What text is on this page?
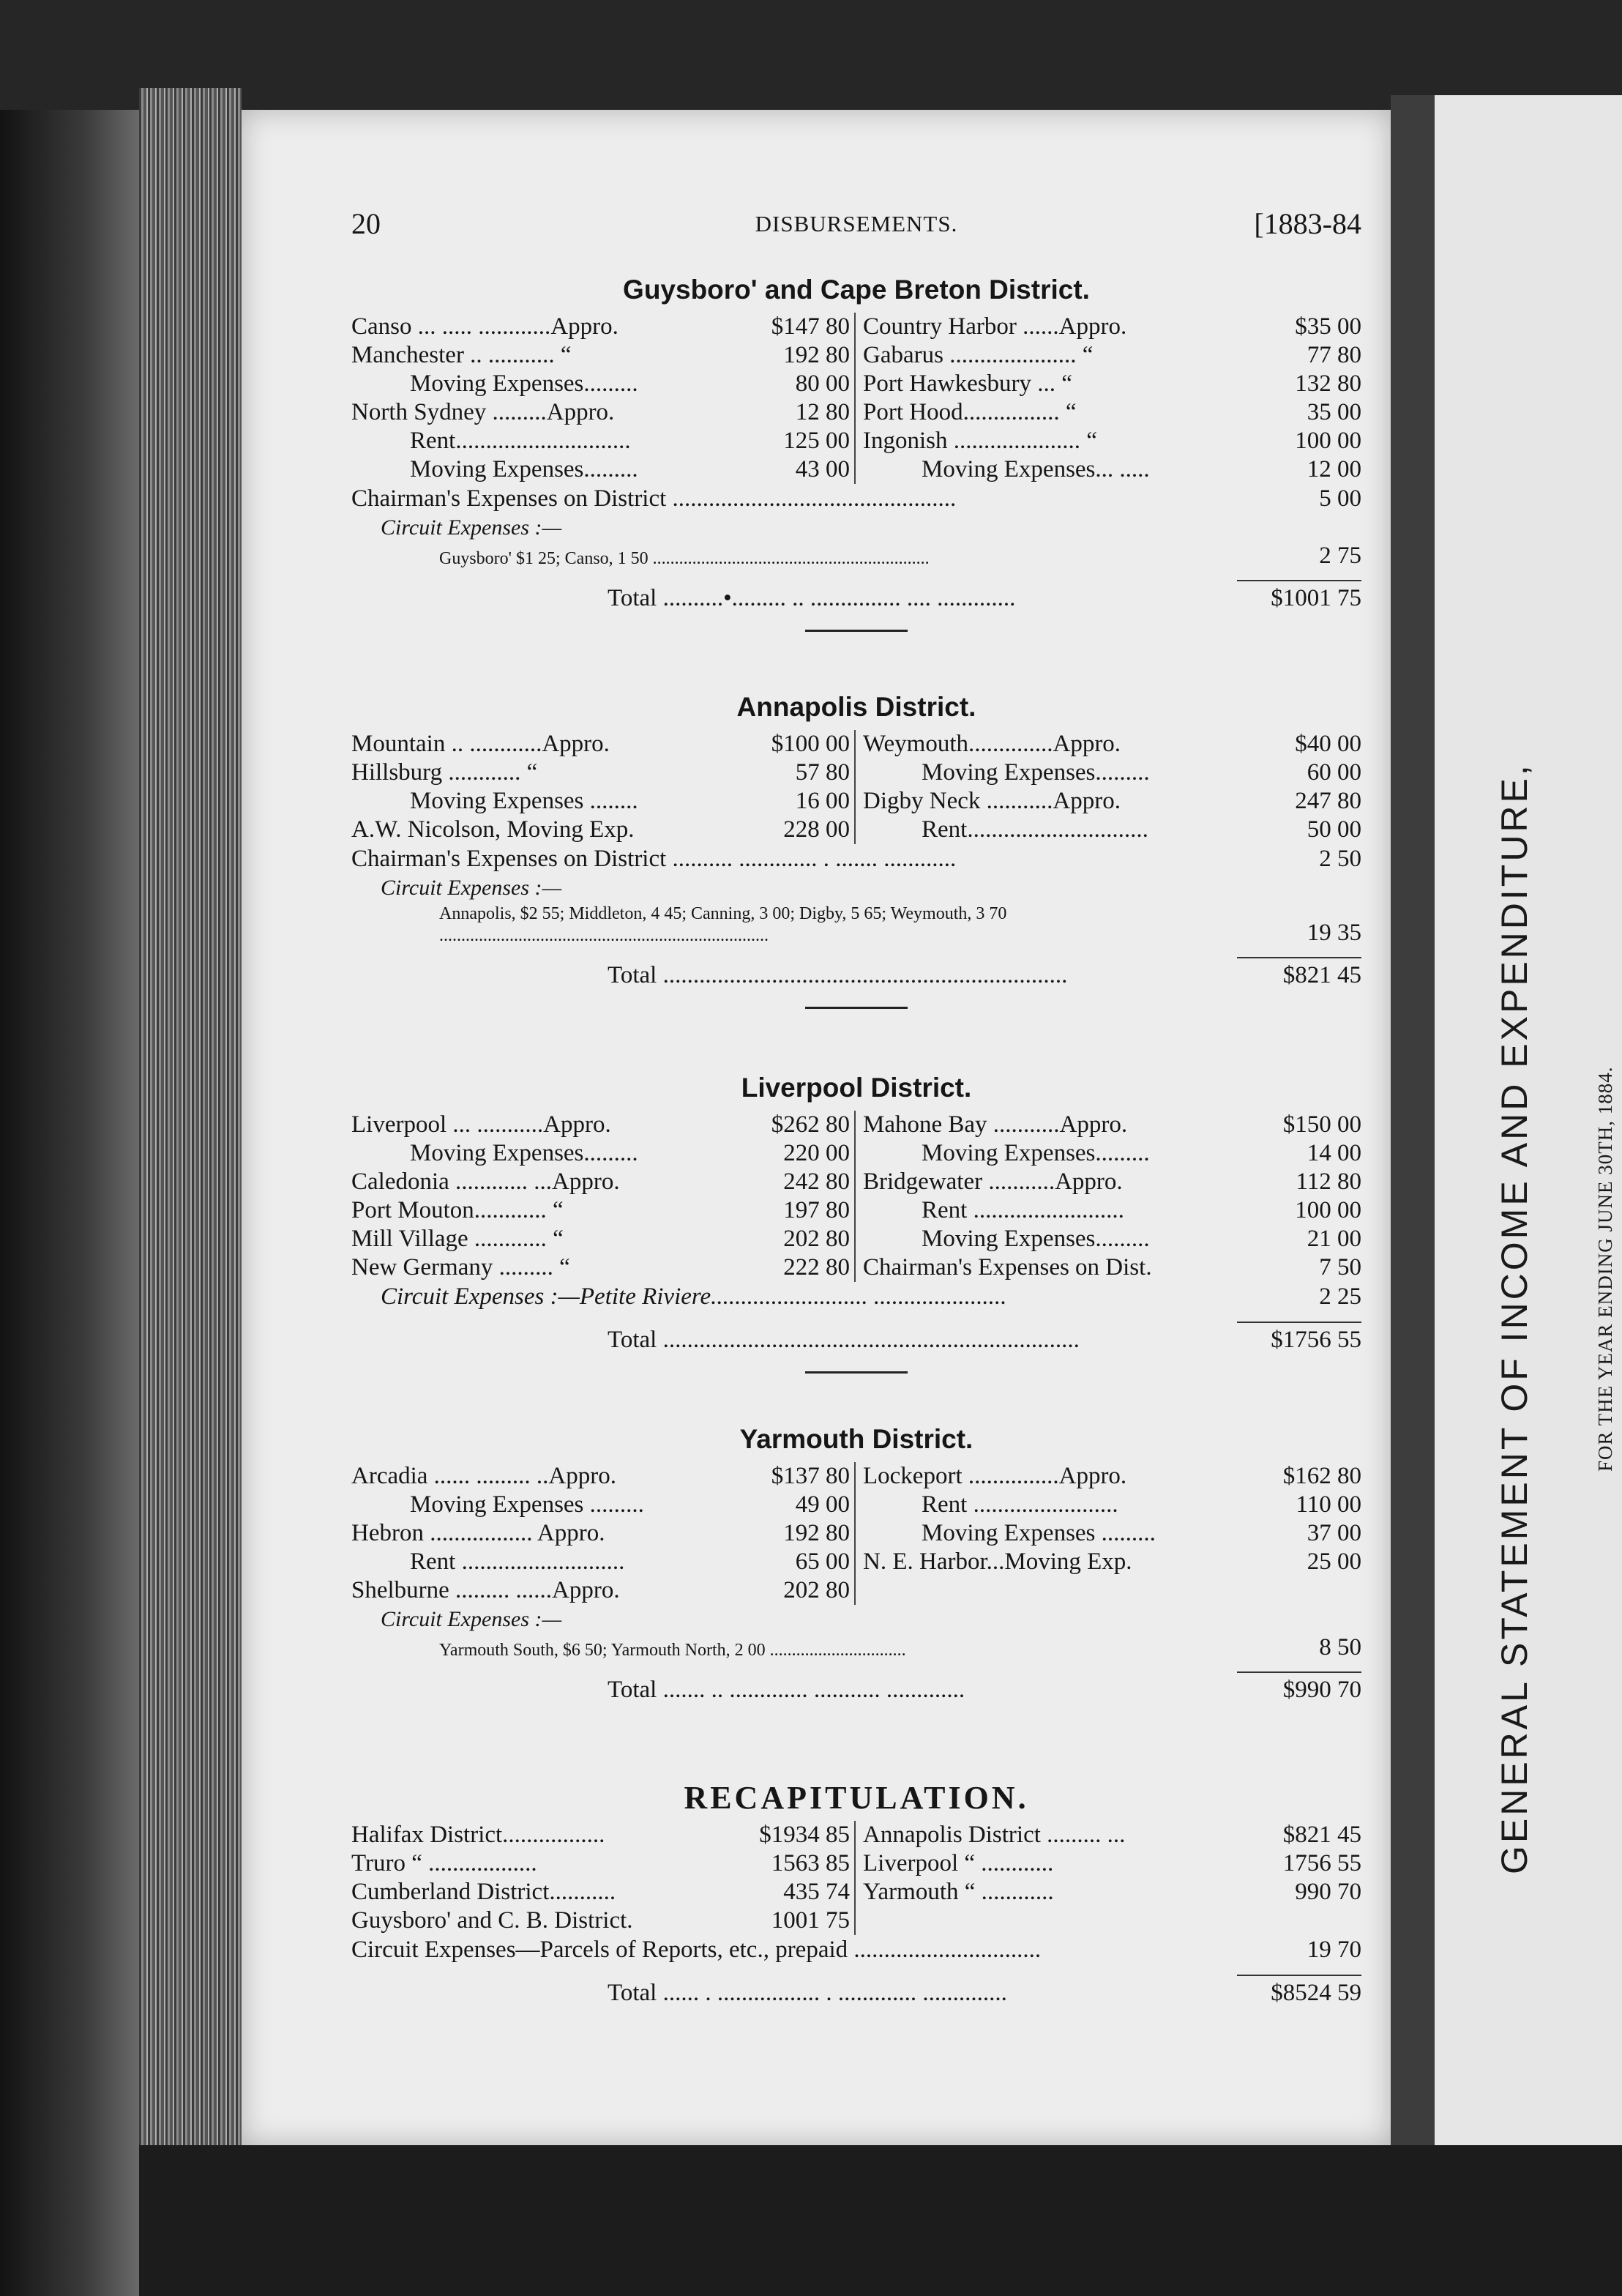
20	DISBURSEMENTS.	[1883-84
Guysboro' and Cape Breton District.
Canso ... ..... ............Appro.	$147 80
Manchester .. ........... “	192 80
Moving Expenses.........	80 00
North Sydney .........Appro.	12 80
Rent.............................	125 00
Moving Expenses.........	43 00
Country Harbor ......Appro.	$35 00
Gabarus ..................... “	77 80
Port Hawkesbury ... “	132 80
Port Hood................ “	35 00
Ingonish ..................... “	100 00
Moving Expenses... .....	12 00
Chairman's Expenses on District ...............................................	5 00
Circuit Expenses :—
Guysboro' $1 25; Canso, 1 50 ...............................................................	2 75
Total ..........•......... .. ............... .... .............	$1001 75
Annapolis District.
Mountain .. ............Appro.	$100 00
Hillsburg ............ “	57 80
Moving Expenses ........	16 00
A.W. Nicolson, Moving Exp.	228 00
Weymouth..............Appro.	$40 00
Moving Expenses.........	60 00
Digby Neck ...........Appro.	247 80
Rent..............................	50 00
Chairman's Expenses on District .......... ............. . ....... ............	2 50
Circuit Expenses :—
Annapolis, $2 55; Middleton, 4 45; Canning, 3 00; Digby, 5 65; Weymouth, 3 70 ...........................................................................	19 35
Total ...................................................................	$821 45
Liverpool District.
Liverpool ... ...........Appro.	$262 80
Moving Expenses.........	220 00
Caledonia ............ ...Appro.	242 80
Port Mouton............ “	197 80
Mill Village ............ “	202 80
New Germany ......... “	222 80
Mahone Bay ...........Appro.	$150 00
Moving Expenses.........	14 00
Bridgewater ...........Appro.	112 80
Rent .........................	100 00
Moving Expenses.........	21 00
Chairman's Expenses on Dist.	7 50
Circuit Expenses :—Petite Riviere.......................... ......................	2 25
Total .....................................................................	$1756 55
Yarmouth District.
Arcadia ...... ......... ..Appro.	$137 80
Moving Expenses .........	49 00
Hebron ................. Appro.	192 80
Rent ...........................	65 00
Shelburne ......... ......Appro.	202 80
Lockeport ...............Appro.	$162 80
Rent ........................	110 00
Moving Expenses .........	37 00
N. E. Harbor...Moving Exp.	25 00
Circuit Expenses :—
Yarmouth South, $6 50; Yarmouth North, 2 00 ...............................	8 50
Total ....... .. ............. ........... .............	$990 70
RECAPITULATION.
Halifax District.................	$1934 85
Truro “ ..................	1563 85
Cumberland District...........	435 74
Guysboro' and C. B. District.	1001 75
Annapolis District ......... ...	$821 45
Liverpool “ ............	1756 55
Yarmouth “ ............	990 70
Circuit Expenses—Parcels of Reports, etc., prepaid ...............................	19 70
Total ...... . ................. . ............. ..............	$8524 59
GENERAL STATEMENT OF INCOME AND EXPENDITURE,	FOR THE YEAR ENDING JUNE 30TH, 1884.
